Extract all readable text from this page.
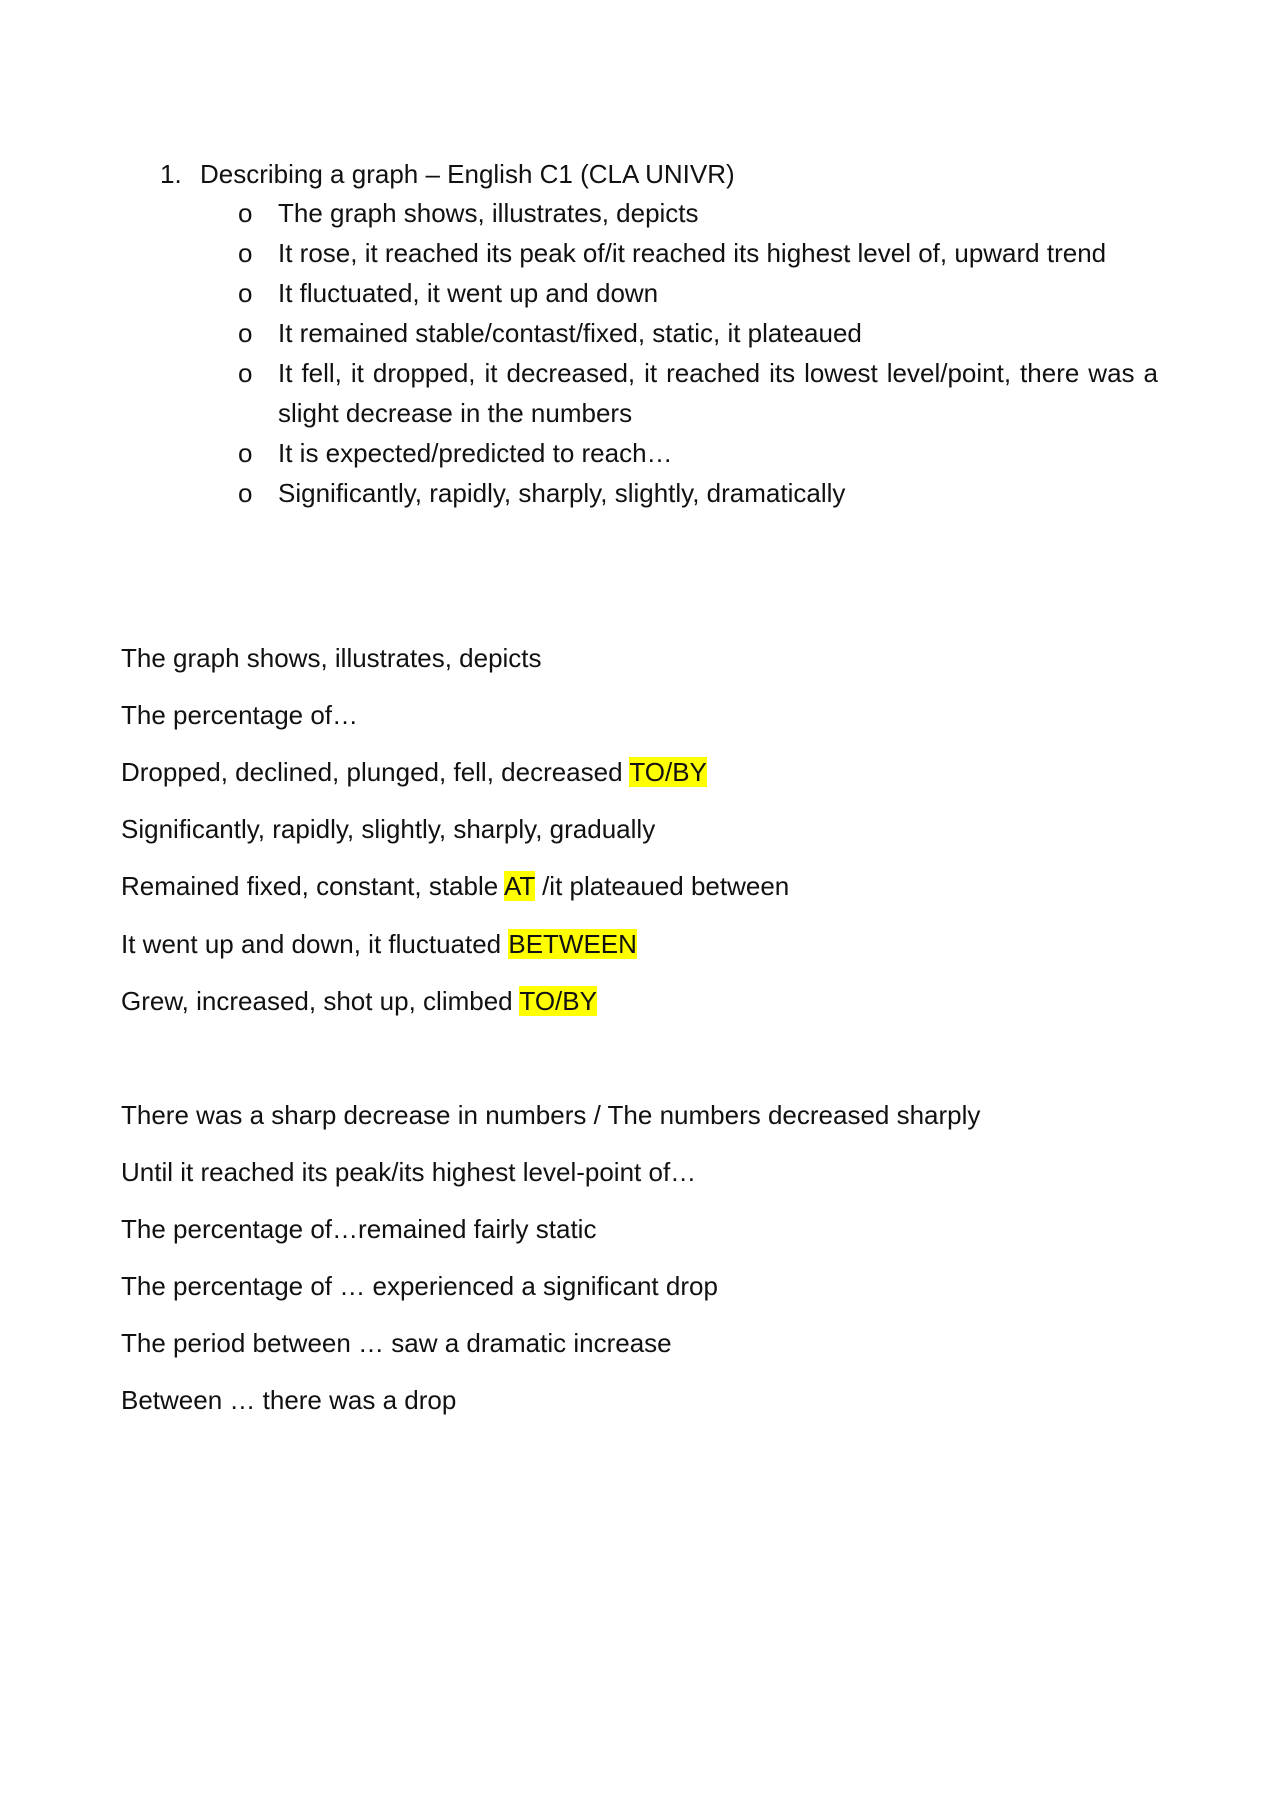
1. Describing a graph – English C1 (CLA UNIVR)
o The graph shows, illustrates, depicts
o It rose, it reached its peak of/it reached its highest level of, upward trend
o It fluctuated, it went up and down
o It remained stable/contast/fixed, static, it plateaued
o It fell, it dropped, it decreased, it reached its lowest level/point, there was a slight decrease in the numbers
o It is expected/predicted to reach…
o Significantly, rapidly, sharply, slightly, dramatically
The graph shows, illustrates, depicts
The percentage of…
Dropped, declined, plunged, fell, decreased TO/BY
Significantly, rapidly, slightly, sharply, gradually
Remained fixed, constant, stable AT /it plateaued between
It went up and down, it fluctuated BETWEEN
Grew, increased, shot up, climbed TO/BY
There was a sharp decrease in numbers / The numbers decreased sharply
Until it reached its peak/its highest level-point of…
The percentage of…remained fairly static
The percentage of … experienced a significant drop
The period between … saw a dramatic increase
Between … there was a drop
